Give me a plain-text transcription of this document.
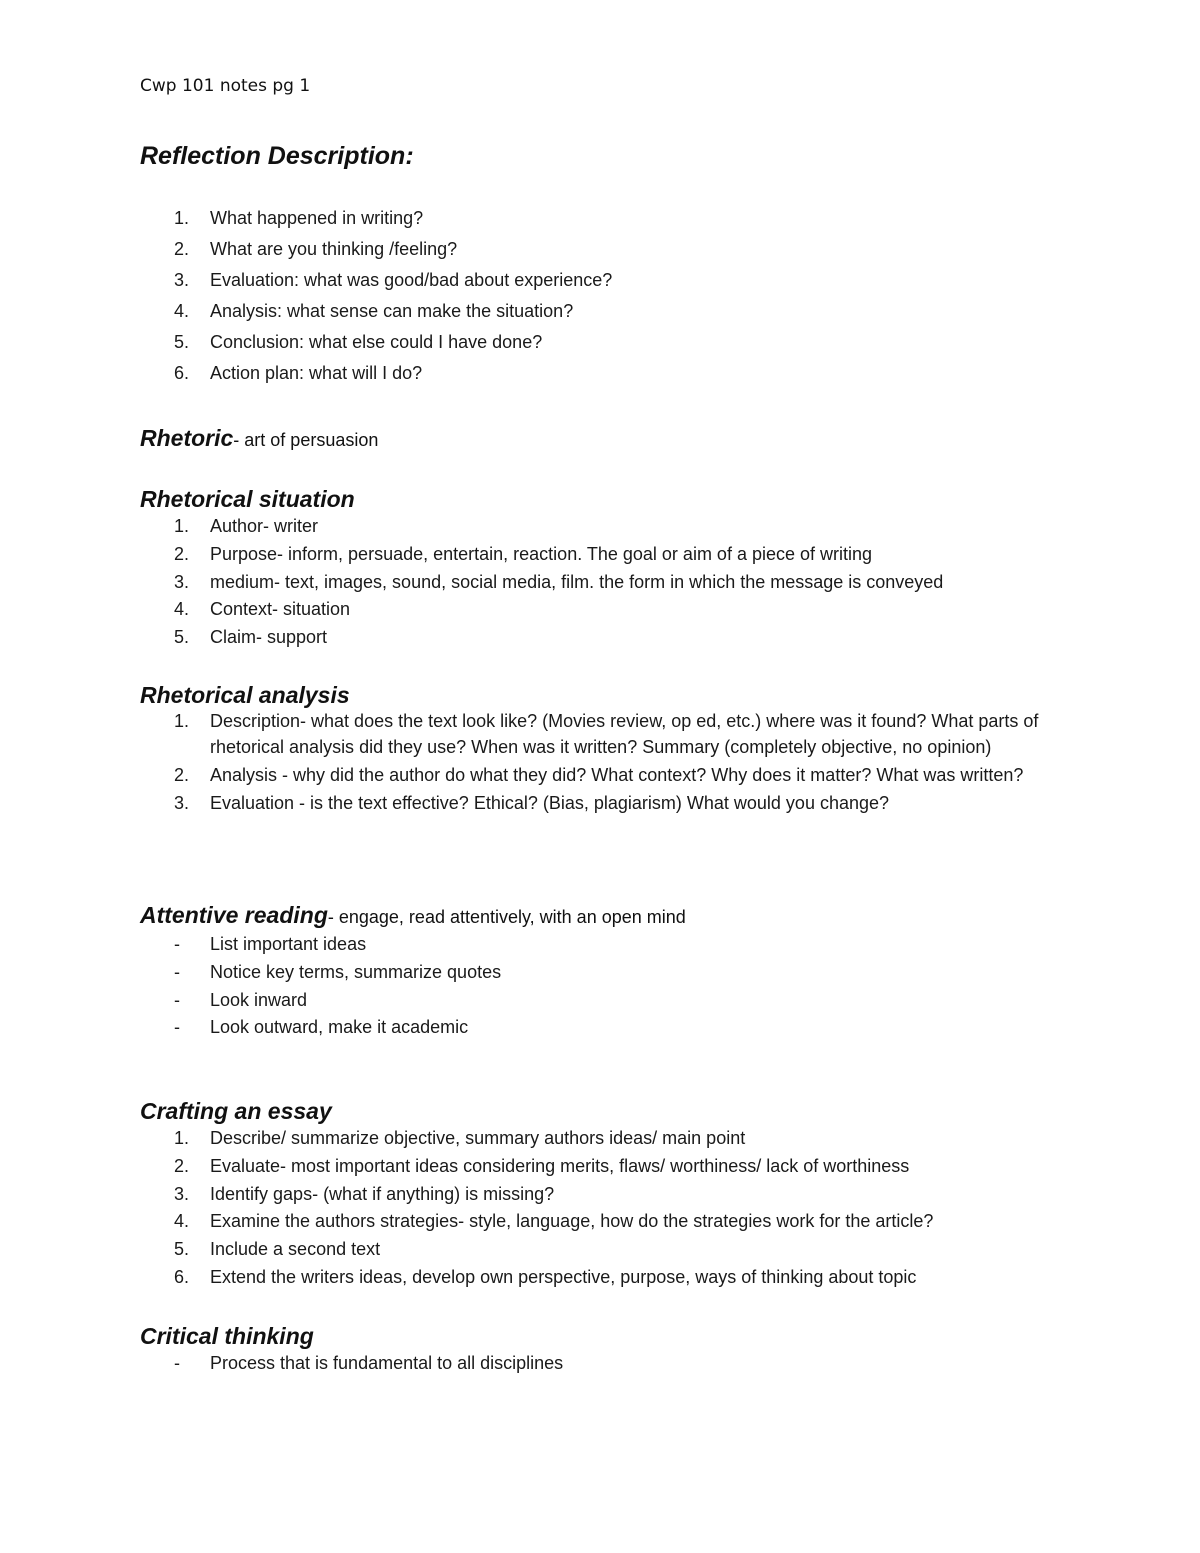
Cwp 101 notes pg 1
Reflection Description:
1.	What happened in writing?
2.	What are you thinking /feeling?
3.	Evaluation: what was good/bad about experience?
4.	Analysis: what sense can make the situation?
5.	Conclusion: what else could I have done?
6.	Action plan: what will I do?

Rhetoric- art of persuasion

Rhetorical situation
1.	Author- writer
2.	Purpose- inform, persuade, entertain, reaction. The goal or aim of a piece of writing
3.	medium- text, images, sound, social media, film. the form in which the message is conveyed
4.	Context- situation
5.	Claim- support
Rhetorical analysis
1.	Description- what does the text look like? (Movies review, op ed, etc.) where was it found? What parts of rhetorical analysis did they use? When was it written? Summary (completely objective, no opinion)
2.	Analysis - why did the author do what they did? What context? Why does it matter? What was written?
3.	Evaluation - is the text effective? Ethical? (Bias, plagiarism) What would you change?

Attentive reading- engage, read attentively, with an open mind

-	List important ideas
-	Notice key terms, summarize quotes
-	Look inward
-	Look outward, make it academic
Crafting an essay
1.	Describe/ summarize objective, summary authors ideas/ main point
2.	Evaluate- most important ideas considering merits, flaws/ worthiness/ lack of worthiness
3.	Identify gaps- (what if anything) is missing?
4.	Examine the authors strategies- style, language, how do the strategies work for the article?
5.	Include a second text
6.	Extend the writers ideas, develop own perspective, purpose, ways of thinking about topic
Critical thinking
-	Process that is fundamental to all disciplines
